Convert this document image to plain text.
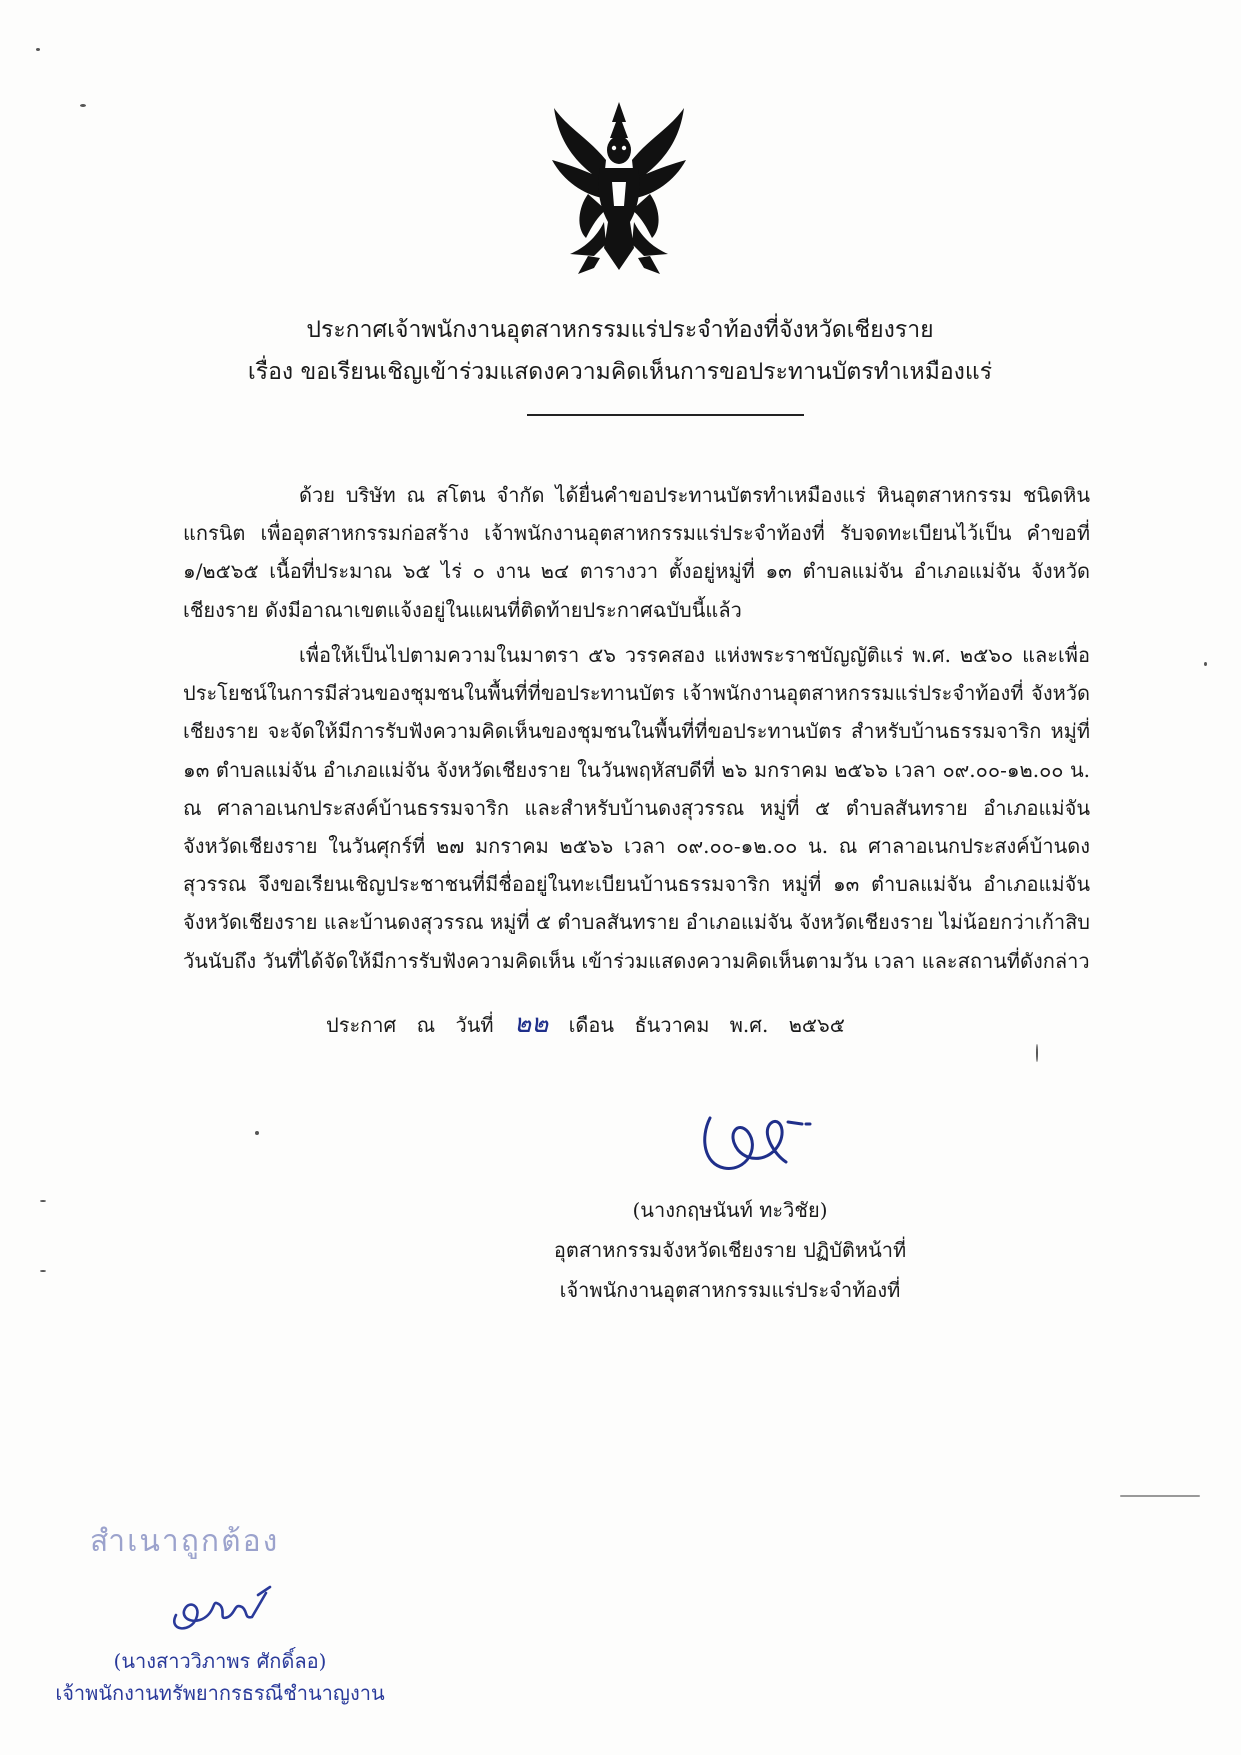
ประกาศเจ้าพนักงานอุตสาหกรรมแร่ประจำท้องที่จังหวัดเชียงราย
เรื่อง ขอเรียนเชิญเข้าร่วมแสดงความคิดเห็นการขอประทานบัตรทำเหมืองแร่
ด้วย บริษัท ณ สโตน จำกัด ได้ยื่นคำขอประทานบัตรทำเหมืองแร่ หินอุตสาหกรรม ชนิดหินแกรนิต เพื่ออุตสาหกรรมก่อสร้าง เจ้าพนักงานอุตสาหกรรมแร่ประจำท้องที่ รับจดทะเบียนไว้เป็น คำขอที่ ๑/๒๕๖๕ เนื้อที่ประมาณ ๖๕ ไร่ ๐ งาน ๒๔ ตารางวา ตั้งอยู่หมู่ที่ ๑๓ ตำบลแม่จัน อำเภอแม่จัน จังหวัดเชียงราย ดังมีอาณาเขตแจ้งอยู่ในแผนที่ติดท้ายประกาศฉบับนี้แล้ว
เพื่อให้เป็นไปตามความในมาตรา ๕๖ วรรคสอง แห่งพระราชบัญญัติแร่ พ.ศ. ๒๕๖๐ และเพื่อประโยชน์ในการมีส่วนของชุมชนในพื้นที่ที่ขอประทานบัตร เจ้าพนักงานอุตสาหกรรมแร่ประจำท้องที่ จังหวัดเชียงราย จะจัดให้มีการรับฟังความคิดเห็นของชุมชนในพื้นที่ที่ขอประทานบัตร สำหรับบ้านธรรมจาริก หมู่ที่ ๑๓ ตำบลแม่จัน อำเภอแม่จัน จังหวัดเชียงราย ในวันพฤหัสบดีที่ ๒๖ มกราคม ๒๕๖๖ เวลา ๐๙.๐๐-๑๒.๐๐ น. ณ ศาลาอเนกประสงค์บ้านธรรมจาริก และสำหรับบ้านดงสุวรรณ หมู่ที่ ๕ ตำบลสันทราย อำเภอแม่จัน จังหวัดเชียงราย ในวันศุกร์ที่ ๒๗ มกราคม ๒๕๖๖ เวลา ๐๙.๐๐-๑๒.๐๐ น. ณ ศาลาอเนกประสงค์บ้านดงสุวรรณ จึงขอเรียนเชิญประชาชนที่มีชื่ออยู่ในทะเบียนบ้านธรรมจาริก หมู่ที่ ๑๓ ตำบลแม่จัน อำเภอแม่จัน จังหวัดเชียงราย และบ้านดงสุวรรณ หมู่ที่ ๕ ตำบลสันทราย อำเภอแม่จัน จังหวัดเชียงราย ไม่น้อยกว่าเก้าสิบวันนับถึง วันที่ได้จัดให้มีการรับฟังความคิดเห็น เข้าร่วมแสดงความคิดเห็นตามวัน เวลา และสถานที่ดังกล่าว
ประกาศ ณ วันที่ ๒๒ เดือน ธันวาคม พ.ศ. ๒๕๖๕
(นางกฤษนันท์ ทะวิชัย)
อุตสาหกรรมจังหวัดเชียงราย ปฏิบัติหน้าที่
เจ้าพนักงานอุตสาหกรรมแร่ประจำท้องที่
สำเนาถูกต้อง
(นางสาววิภาพร ศักดิ์ลอ)
เจ้าพนักงานทรัพยากรธรณีชำนาญงาน
